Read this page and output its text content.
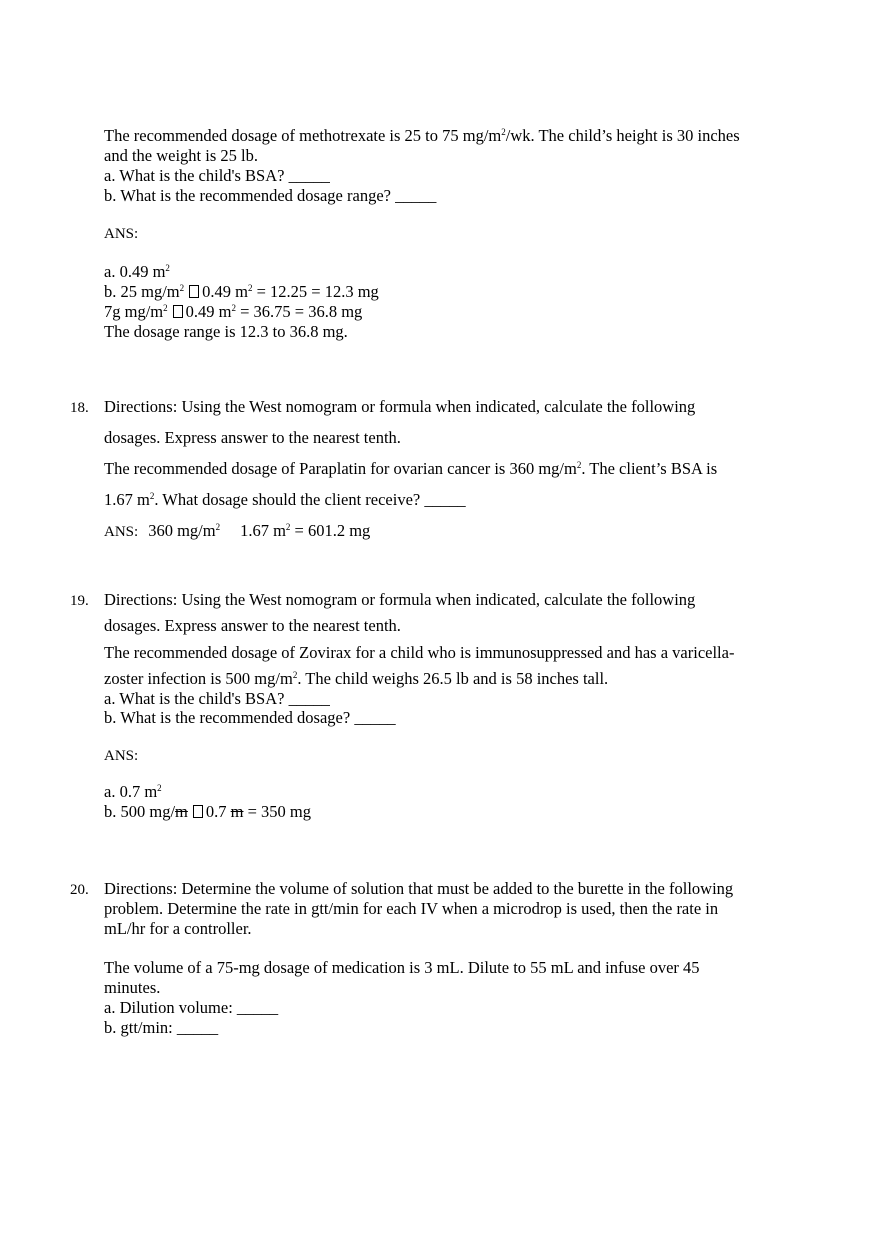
The recommended dosage of methotrexate is 25 to 75 $mg/m^2/wk$. The child’s height is 30 inches
and the weight is 25 lb.
a. What is the child's BSA? _____
b. What is the recommended dosage range? _____
ANS:
a. 0.49 $m^2$
b. 25 $mg/m^2$ 0.49 $m^2 = 12.25 = 12.3$ mg
7g $mg/m^2$ 0.49 $m^2 = 36.75 = 36.8$ mg
The dosage range is 12.3 to 36.8 mg.
18. Directions: Using the West nomogram or formula when indicated, calculate the following
dosages. Express answer to the nearest tenth.
The recommended dosage of Paraplatin for ovarian cancer is 360 $mg/m^2$. The client’s BSA is
1.67 $m^2$. What dosage should the client receive? _____
ANS: 360 $mg/m^2$ 1.67 $m^2 = 601.2$ mg
19. Directions: Using the West nomogram or formula when indicated, calculate the following
dosages. Express answer to the nearest tenth.
The recommended dosage of Zovirax for a child who is immunosuppressed and has a varicella-
zoster infection is 500 $mg/m^2$. The child weighs 26.5 lb and is 58 inches tall.
a. What is the child's BSA? _____
b. What is the recommended dosage? _____
ANS:
a. 0.7 $m^2$
b. 500 mg/m 0.7 m = 350 mg
20. Directions: Determine the volume of solution that must be added to the burette in the following
problem. Determine the rate in gtt/min for each IV when a microdrop is used, then the rate in
mL/hr for a controller.
The volume of a 75-mg dosage of medication is 3 mL. Dilute to 55 mL and infuse over 45
minutes.
a. Dilution volume: _____
b. gtt/min: _____
